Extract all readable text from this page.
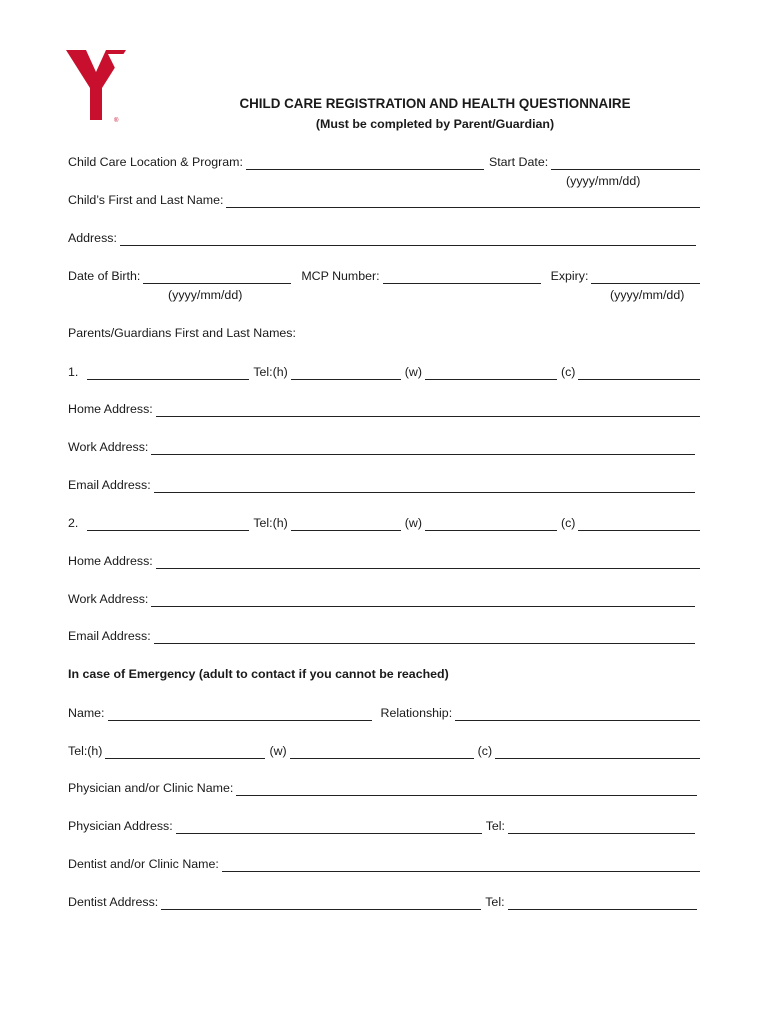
®
CHILD CARE REGISTRATION AND HEALTH QUESTIONNAIRE
(Must be completed by Parent/Guardian)
Child Care Location & Program:	Start Date:
(yyyy/mm/dd)
Child’s First and Last Name:
Address:
Date of Birth:	MCP Number:	Expiry:
(yyyy/mm/dd)	(yyyy/mm/dd)
Parents/Guardians First and Last Names:
1.	Tel:(h)	(w)	(c)
Home Address:
Work Address:
Email Address:
2.	Tel:(h)	(w)	(c)
Home Address:
Work Address:
Email Address:
In case of Emergency (adult to contact if you cannot be reached)
Name:	Relationship:
Tel:(h)	(w)	(c)
Physician and/or Clinic Name:
Physician Address:	Tel:
Dentist and/or Clinic Name:
Dentist Address:	Tel:
